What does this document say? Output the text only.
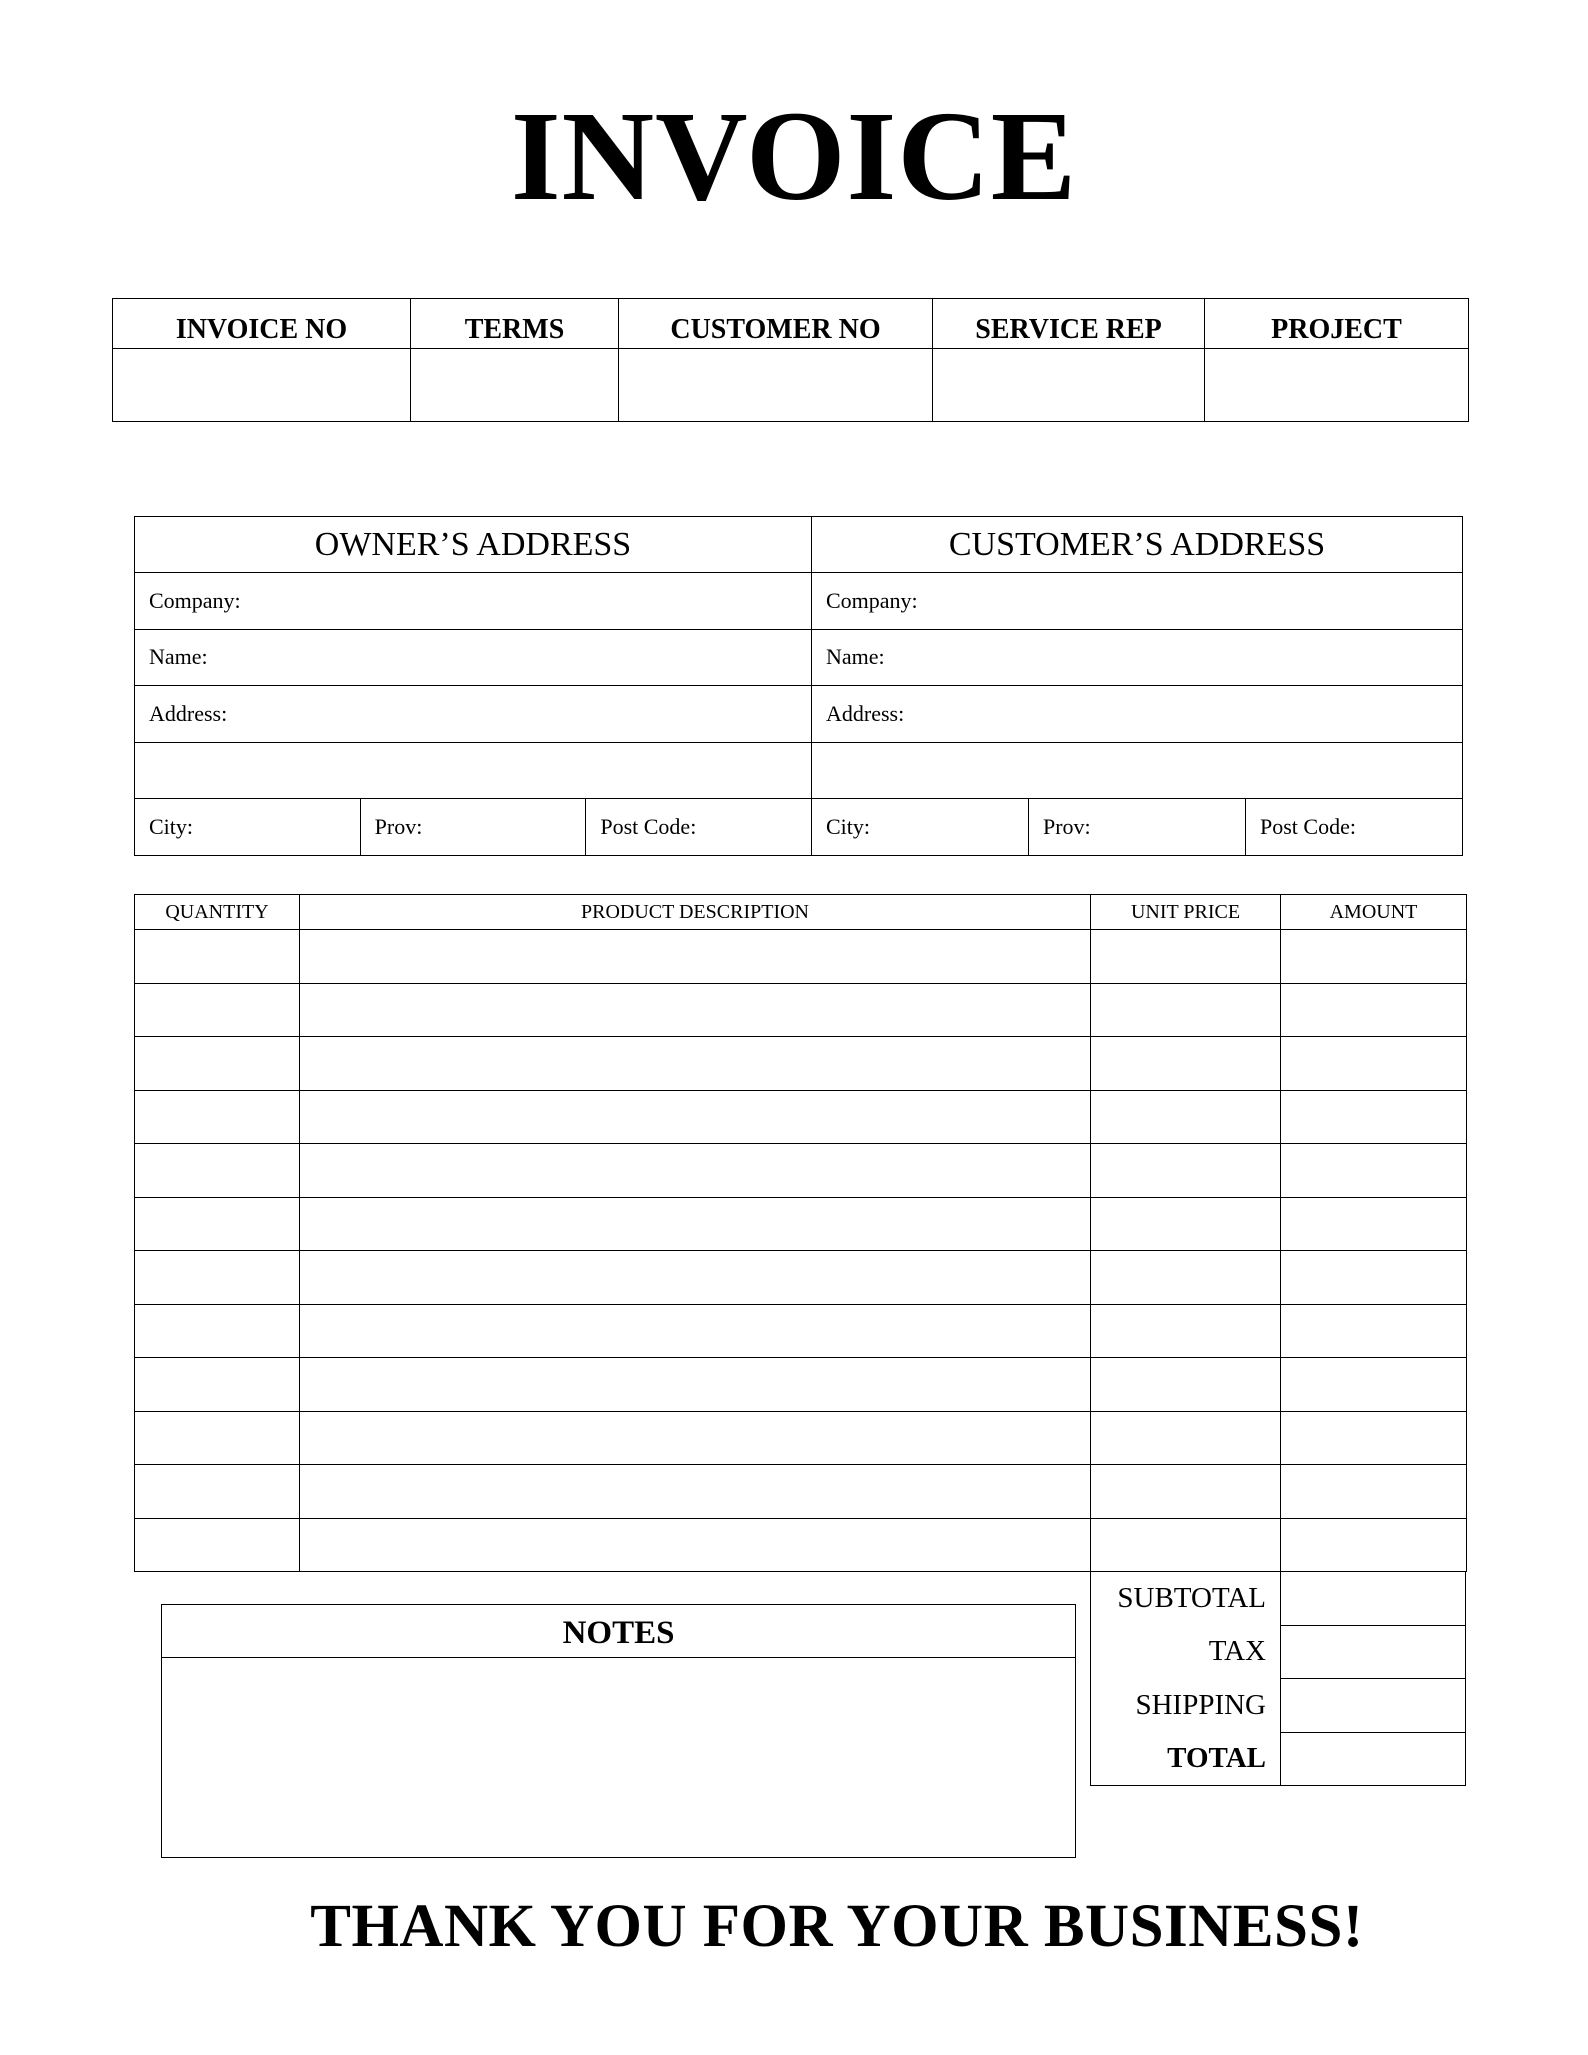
INVOICE
INVOICE NO	TERMS	CUSTOMER NO	SERVICE REP	PROJECT

OWNER’S ADDRESS	CUSTOMER’S ADDRESS
Company:	Company:
Name:	Name:
Address:	Address:

City: Prov: Post Code:	City: Prov: Post Code:
QUANTITY	PRODUCT DESCRIPTION	UNIT PRICE	AMOUNT

SUBTOTAL	
TAX	
SHIPPING	
TOTAL	
NOTES
THANK YOU FOR YOUR BUSINESS!
